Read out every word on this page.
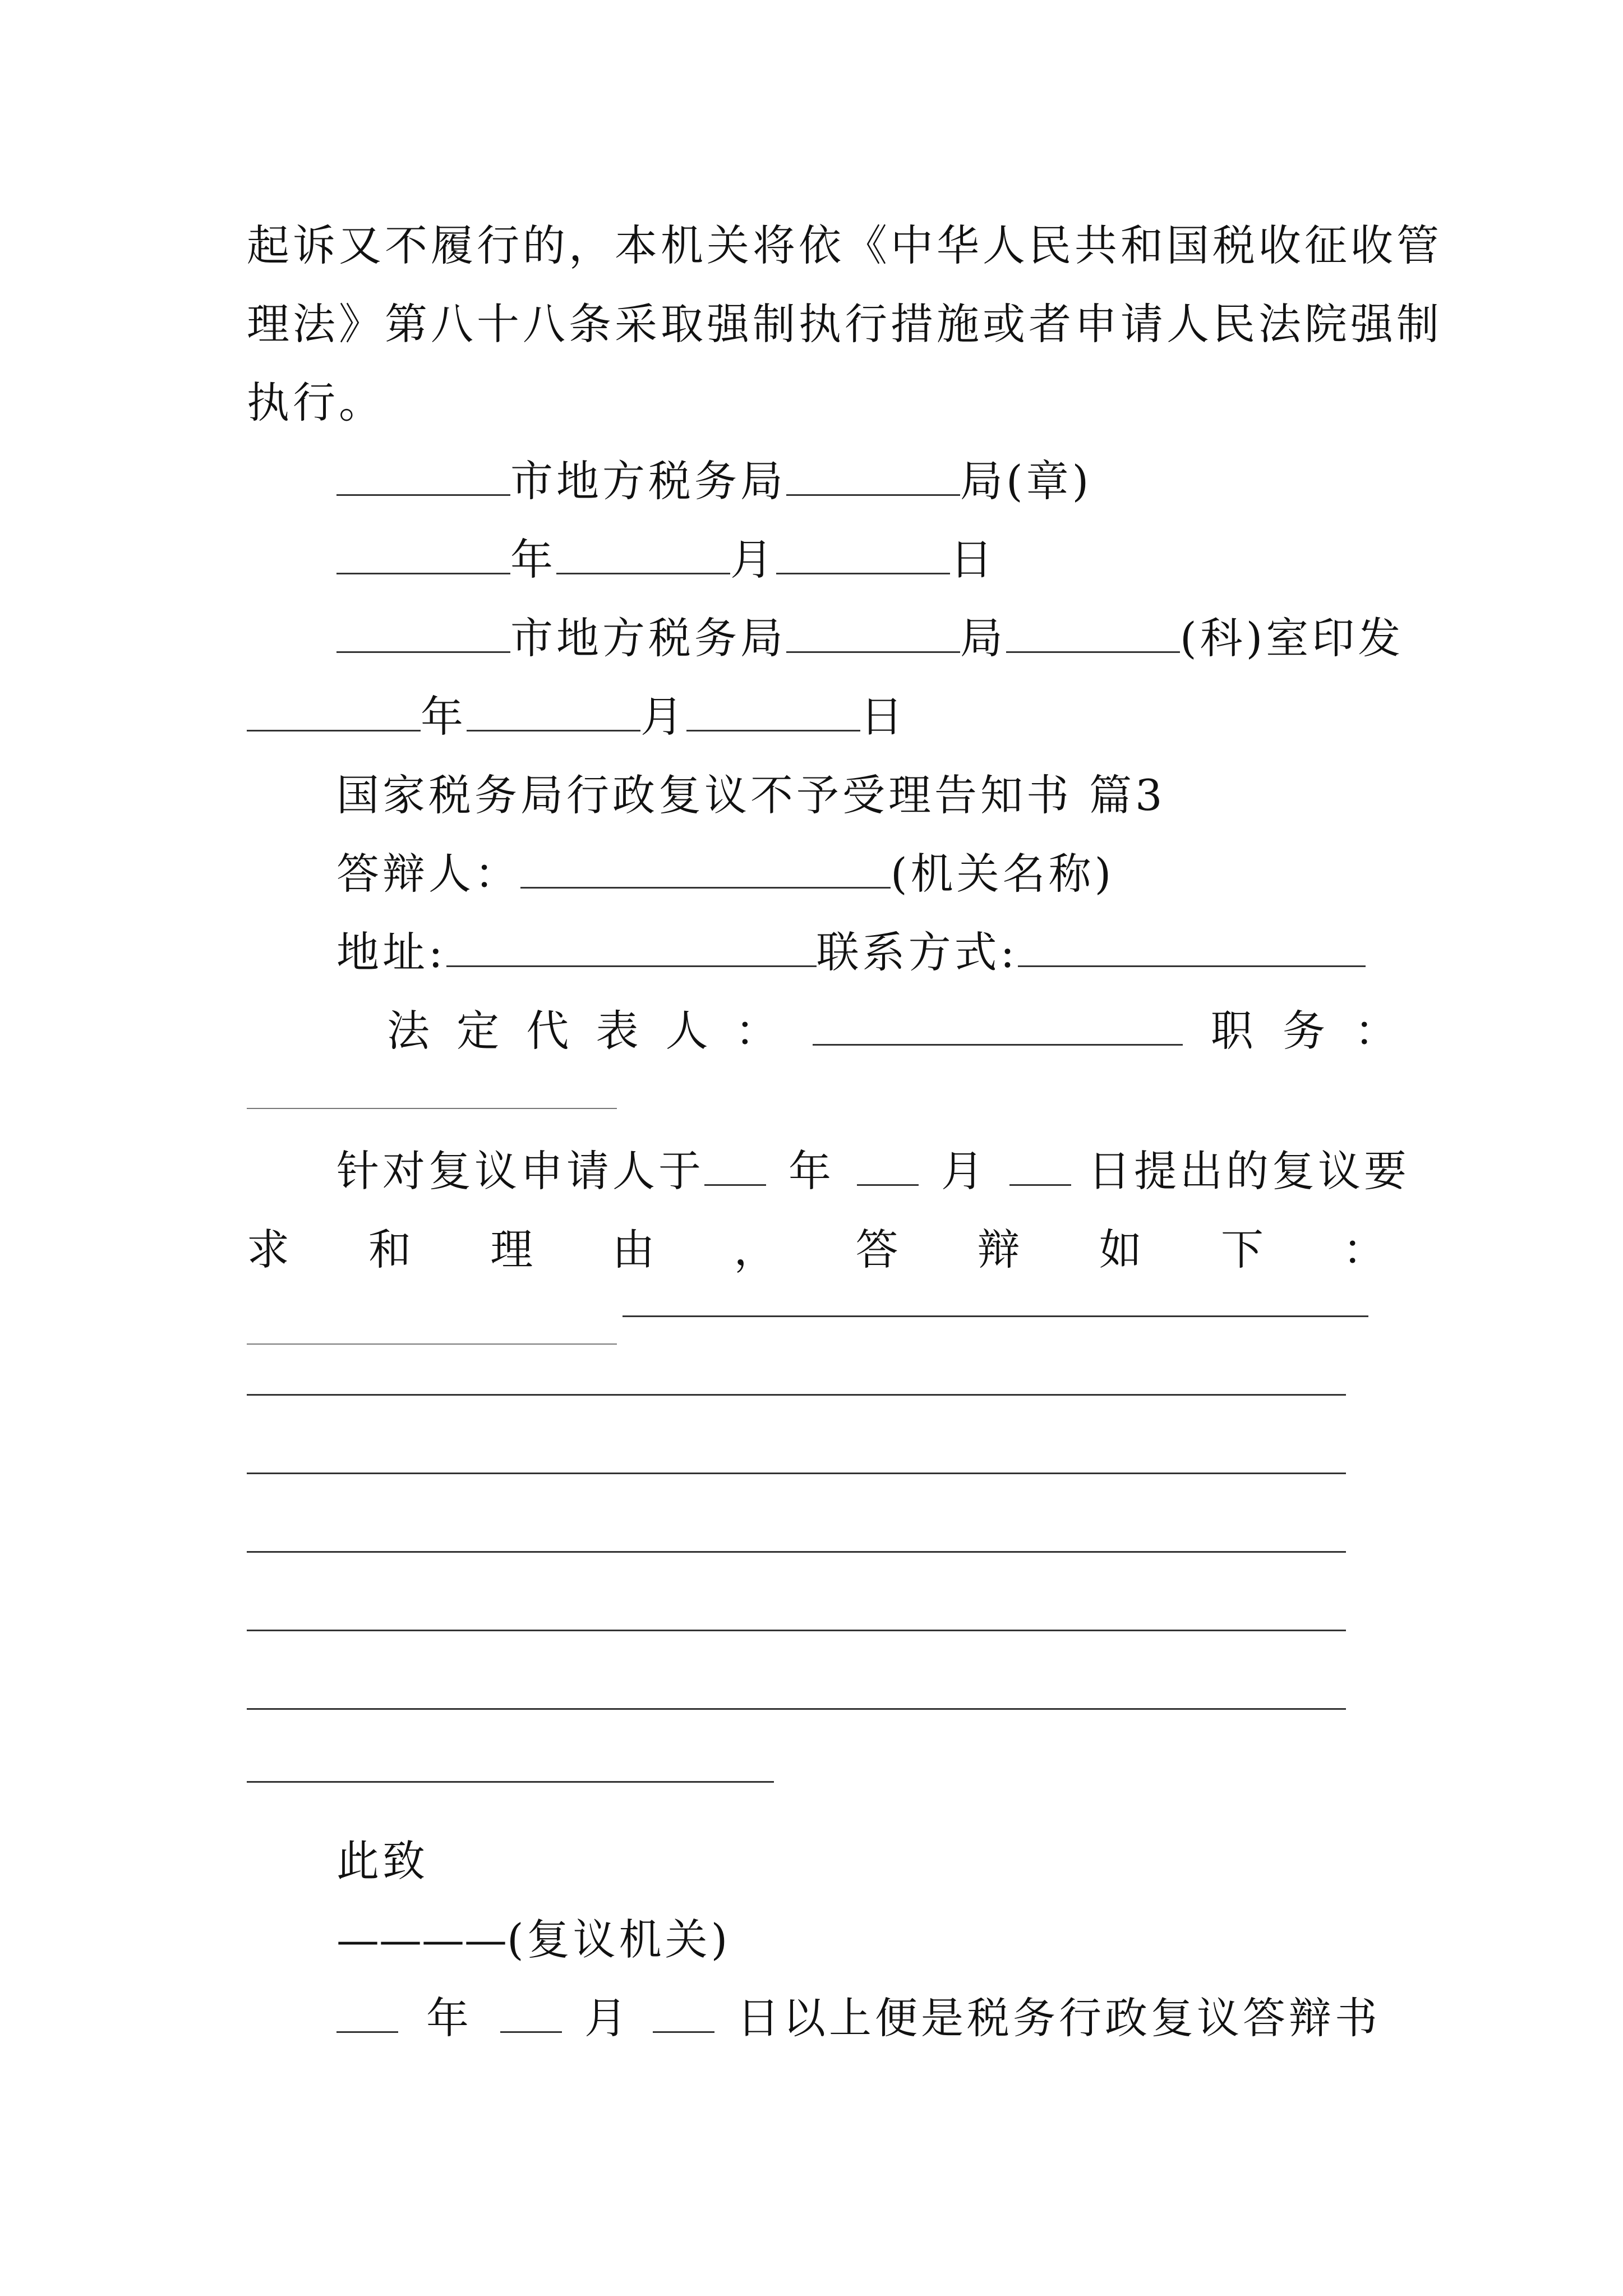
起诉又不履行的，本机关将依《中华人民共和国税收征收管
理法》第八十八条采取强制执行措施或者申请人民法院强制
执行。
市地方税务局	局(章)
年	月	日
市地方税务局	局	(科)室印发
年	月	日
国家税务局行政复议不予受理告知书 篇3
答辩人：	(机关名称)
地址:	联系方式:
法 定 代 表 人 ：	职 务 ：
针对复议申请人于 年	月 日提出的复议要
求 和 理 由 ， 答 辩 如 下 ：
此致
————(复议机关)
年	月	日以上便是税务行政复议答辩书
